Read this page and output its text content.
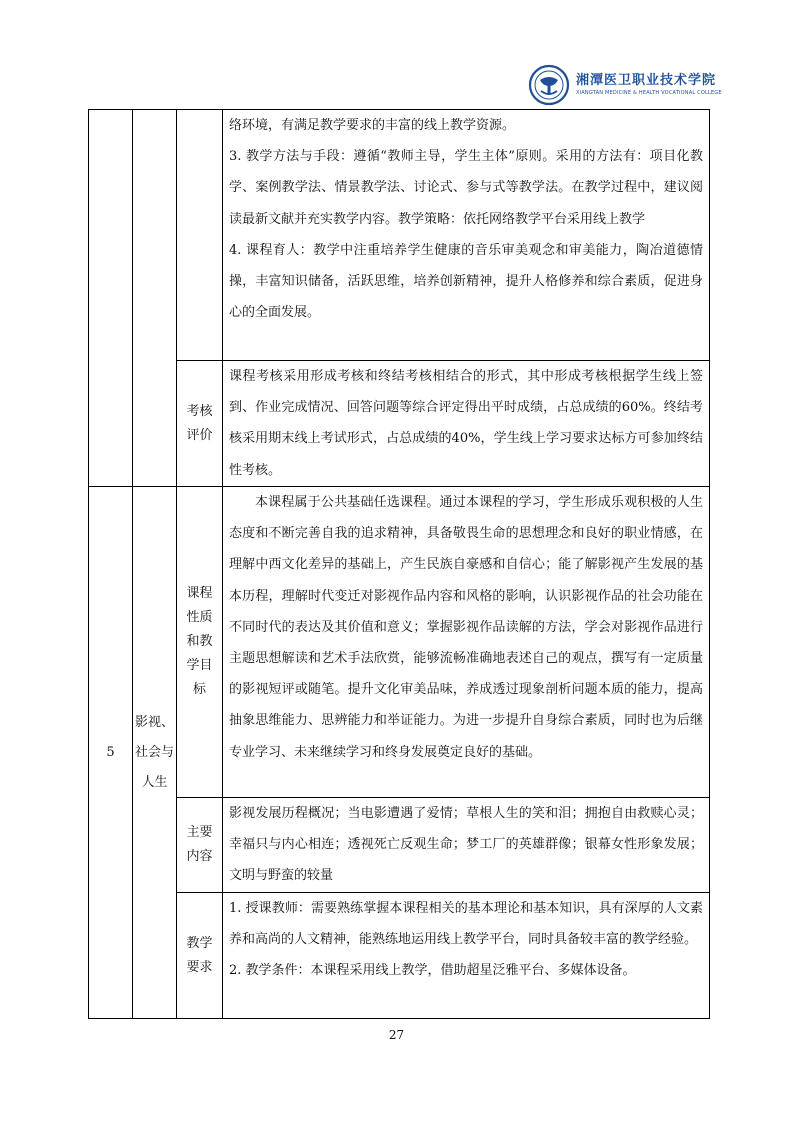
湘潭医卫职业技术学院
XIANGTAN MEDICINE & HEALTH VOCATIONAL COLLEGE

			络环境，有满足教学要求的丰富的线上教学资源。

3. 教学方法与手段：遵循“教师主导，学生主体”原则。采用的方法有：项目化教学、案例教学法、情景教学法、讨论式、参与式等教学法。在教学过程中，建议阅读最新文献并充实教学内容。教学策略：依托网络教学平台采用线上教学

4. 课程育人：教学中注重培养学生健康的音乐审美观念和审美能力，陶冶道德情操，丰富知识储备，活跃思维，培养创新精神，提升人格修养和综合素质，促进身心的全面发展。

		考核评价	课程考核采用形成考核和终结考核相结合的形式，其中形成考核根据学生线上签到、作业完成情况、回答问题等综合评定得出平时成绩，占总成绩的60%。终结考核采用期末线上考试形式，占总成绩的40%，学生线上学习要求达标方可参加终结性考核。

5	影视、社会与人生	课程性质和教学目标	本课程属于公共基础任选课程。通过本课程的学习，学生形成乐观积极的人生态度和不断完善自我的追求精神，具备敬畏生命的思想理念和良好的职业情感，在理解中西文化差异的基础上，产生民族自豪感和自信心；能了解影视产生发展的基本历程，理解时代变迁对影视作品内容和风格的影响，认识影视作品的社会功能在不同时代的表达及其价值和意义；掌握影视作品读解的方法，学会对影视作品进行主题思想解读和艺术手法欣赏，能够流畅准确地表述自己的观点，撰写有一定质量的影视短评或随笔。提升文化审美品味，养成透过现象剖析问题本质的能力，提高抽象思维能力、思辨能力和举证能力。为进一步提升自身综合素质，同时也为后继专业学习、未来继续学习和终身发展奠定良好的基础。

		主要内容	影视发展历程概况；当电影遭遇了爱情；草根人生的笑和泪；拥抱自由救赎心灵；幸福只与内心相连；透视死亡反观生命；梦工厂的英雄群像；银幕女性形象发展；文明与野蛮的较量

		教学要求	1. 授课教师：需要熟练掌握本课程相关的基本理论和基本知识，具有深厚的人文素养和高尚的人文精神，能熟练地运用线上教学平台，同时具备较丰富的教学经验。

2. 教学条件：本课程采用线上教学，借助超星泛雅平台、多媒体设备。

27
